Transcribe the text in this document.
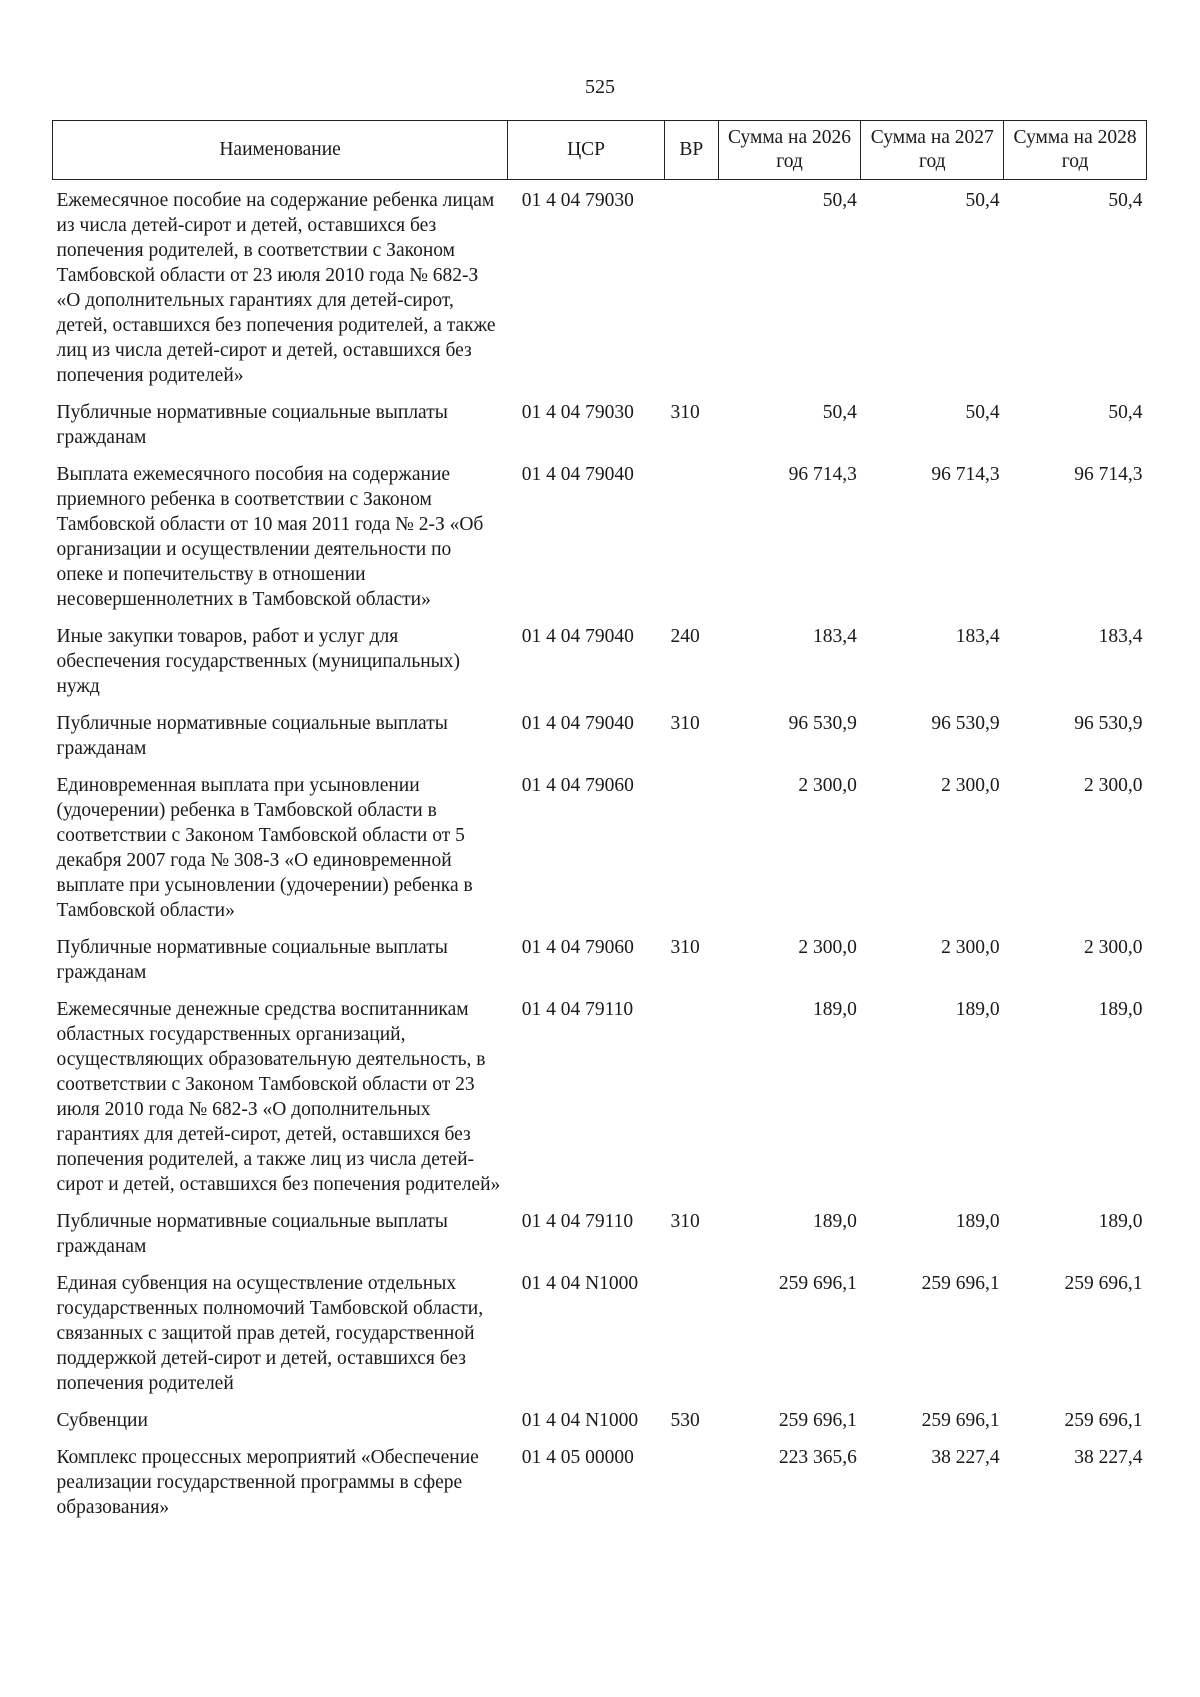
525
Наименование	ЦСР	ВР	Сумма на 2026 год	Сумма на 2027 год	Сумма на 2028 год
Ежемесячное пособие на содержание ребенка лицам из числа детей-сирот и детей, оставшихся без попечения родителей, в соответствии с Законом Тамбовской области от 23 июля 2010 года № 682-З «О дополнительных гарантиях для детей-сирот, детей, оставшихся без попечения родителей, а также лиц из числа детей-сирот и детей, оставшихся без попечения родителей»	01 4 04 79030		50,4	50,4	50,4
Публичные нормативные социальные выплаты гражданам	01 4 04 79030	310	50,4	50,4	50,4
Выплата ежемесячного пособия на содержание приемного ребенка в соответствии с Законом Тамбовской области от 10 мая 2011 года № 2-З «Об организации и осуществлении деятельности по опеке и попечительству в отношении несовершеннолетних в Тамбовской области»	01 4 04 79040		96 714,3	96 714,3	96 714,3
Иные закупки товаров, работ и услуг для обеспечения государственных (муниципальных) нужд	01 4 04 79040	240	183,4	183,4	183,4
Публичные нормативные социальные выплаты гражданам	01 4 04 79040	310	96 530,9	96 530,9	96 530,9
Единовременная выплата при усыновлении (удочерении) ребенка в Тамбовской области в соответствии с Законом Тамбовской области от 5 декабря 2007 года № 308-З «О единовременной выплате при усыновлении (удочерении) ребенка в Тамбовской области»	01 4 04 79060		2 300,0	2 300,0	2 300,0
Публичные нормативные социальные выплаты гражданам	01 4 04 79060	310	2 300,0	2 300,0	2 300,0
Ежемесячные денежные средства воспитанникам областных государственных организаций, осуществляющих образовательную деятельность, в соответствии с Законом Тамбовской области от 23 июля 2010 года № 682-З «О дополнительных гарантиях для детей-сирот, детей, оставшихся без попечения родителей, а также лиц из числа детей-сирот и детей, оставшихся без попечения родителей»	01 4 04 79110		189,0	189,0	189,0
Публичные нормативные социальные выплаты гражданам	01 4 04 79110	310	189,0	189,0	189,0
Единая субвенция на осуществление отдельных государственных полномочий Тамбовской области, связанных с защитой прав детей, государственной поддержкой детей-сирот и детей, оставшихся без попечения родителей	01 4 04 N1000		259 696,1	259 696,1	259 696,1
Субвенции	01 4 04 N1000	530	259 696,1	259 696,1	259 696,1
Комплекс процессных мероприятий «Обеспечение реализации государственной программы в сфере образования»	01 4 05 00000		223 365,6	38 227,4	38 227,4
